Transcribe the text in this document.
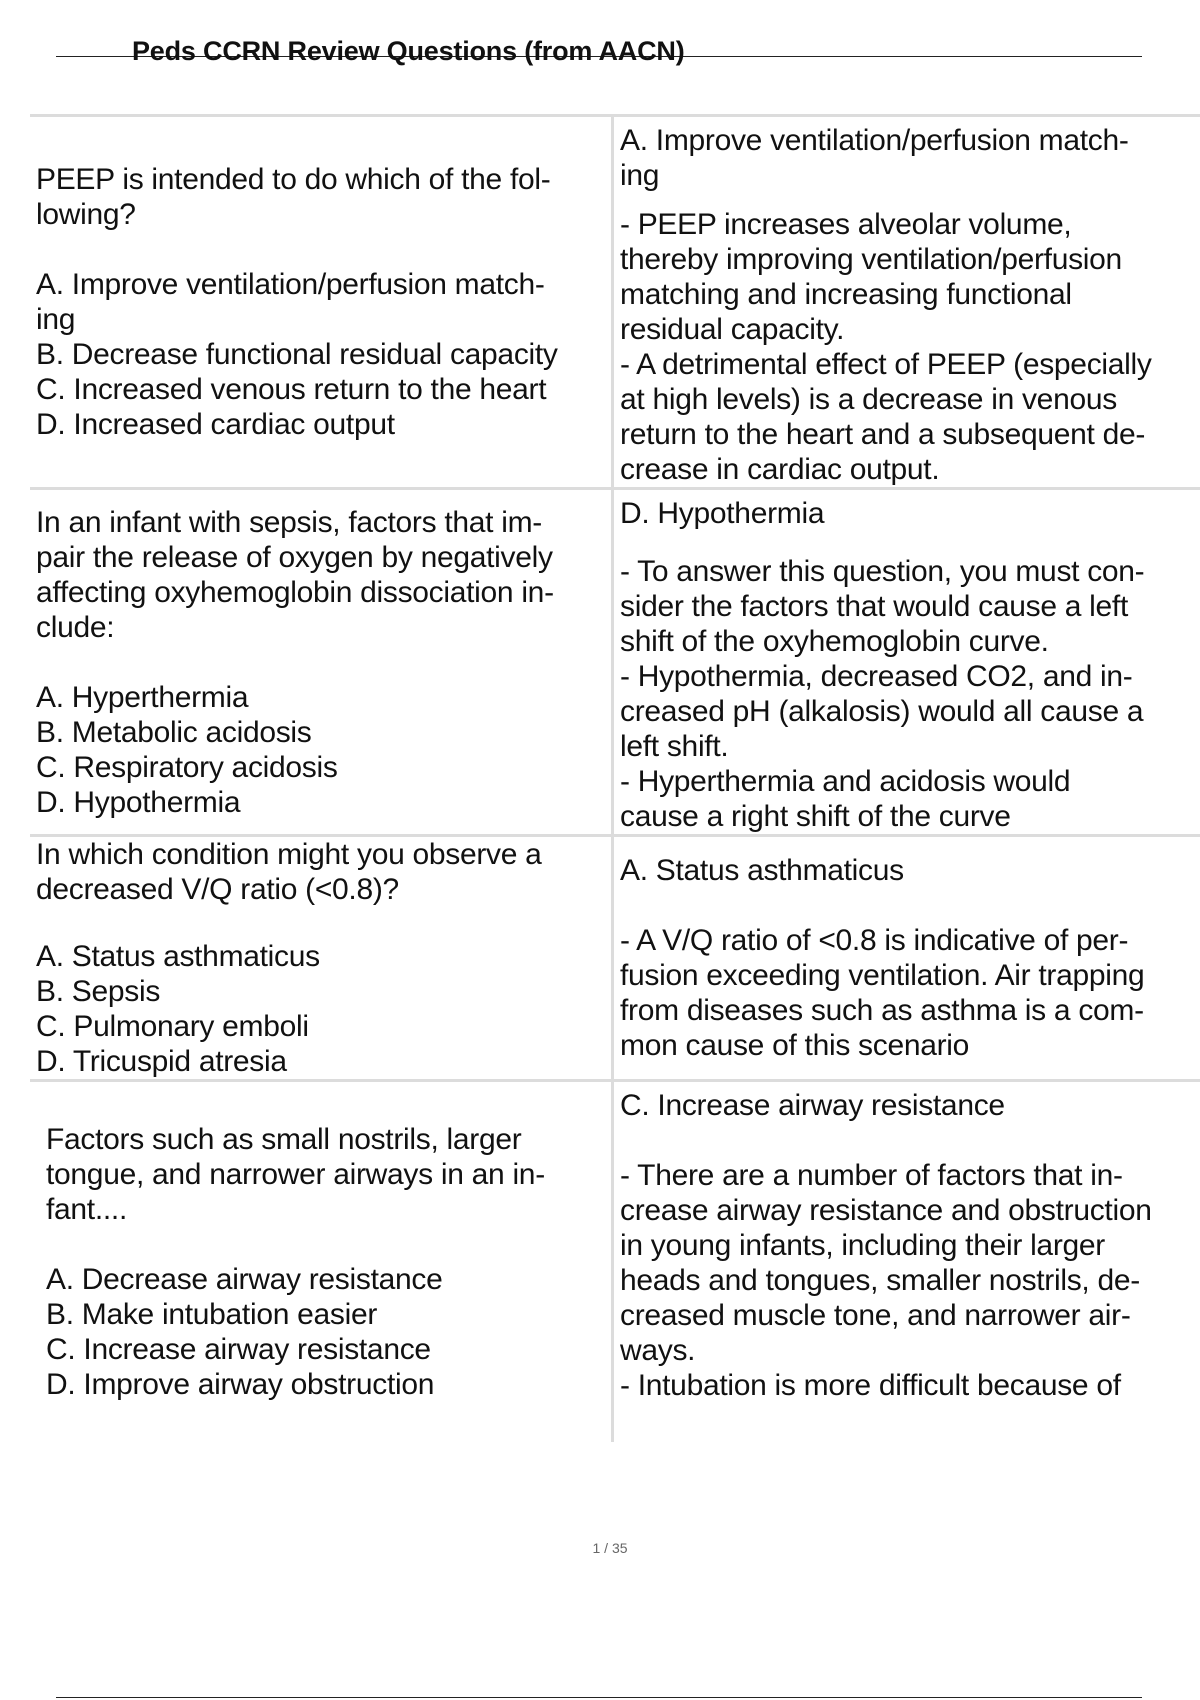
Peds CCRN Review Questions (from AACN)
PEEP is intended to do which of the fol-
lowing?
A. Improve ventilation/perfusion match-
ing
B. Decrease functional residual capacity
C. Increased venous return to the heart
D. Increased cardiac output
A. Improve ventilation/perfusion match-
ing
- PEEP increases alveolar volume,
thereby improving ventilation/perfusion
matching and increasing functional
residual capacity.
- A detrimental effect of PEEP (especially
at high levels) is a decrease in venous
return to the heart and a subsequent de-
crease in cardiac output.
In an infant with sepsis, factors that im-
pair the release of oxygen by negatively
affecting oxyhemoglobin dissociation in-
clude:
A. Hyperthermia
B. Metabolic acidosis
C. Respiratory acidosis
D. Hypothermia
D. Hypothermia
- To answer this question, you must con-
sider the factors that would cause a left
shift of the oxyhemoglobin curve.
- Hypothermia, decreased CO2, and in-
creased pH (alkalosis) would all cause a
left shift.
- Hyperthermia and acidosis would
cause a right shift of the curve
In which condition might you observe a
decreased V/Q ratio (<0.8)?
A. Status asthmaticus
B. Sepsis
C. Pulmonary emboli
D. Tricuspid atresia
A. Status asthmaticus
- A V/Q ratio of <0.8 is indicative of per-
fusion exceeding ventilation. Air trapping
from diseases such as asthma is a com-
mon cause of this scenario
Factors such as small nostrils, larger
tongue, and narrower airways in an in-
fant....
A. Decrease airway resistance
B. Make intubation easier
C. Increase airway resistance
D. Improve airway obstruction
C. Increase airway resistance
- There are a number of factors that in-
crease airway resistance and obstruction
in young infants, including their larger
heads and tongues, smaller nostrils, de-
creased muscle tone, and narrower air-
ways.
- Intubation is more difficult because of
1 / 35
